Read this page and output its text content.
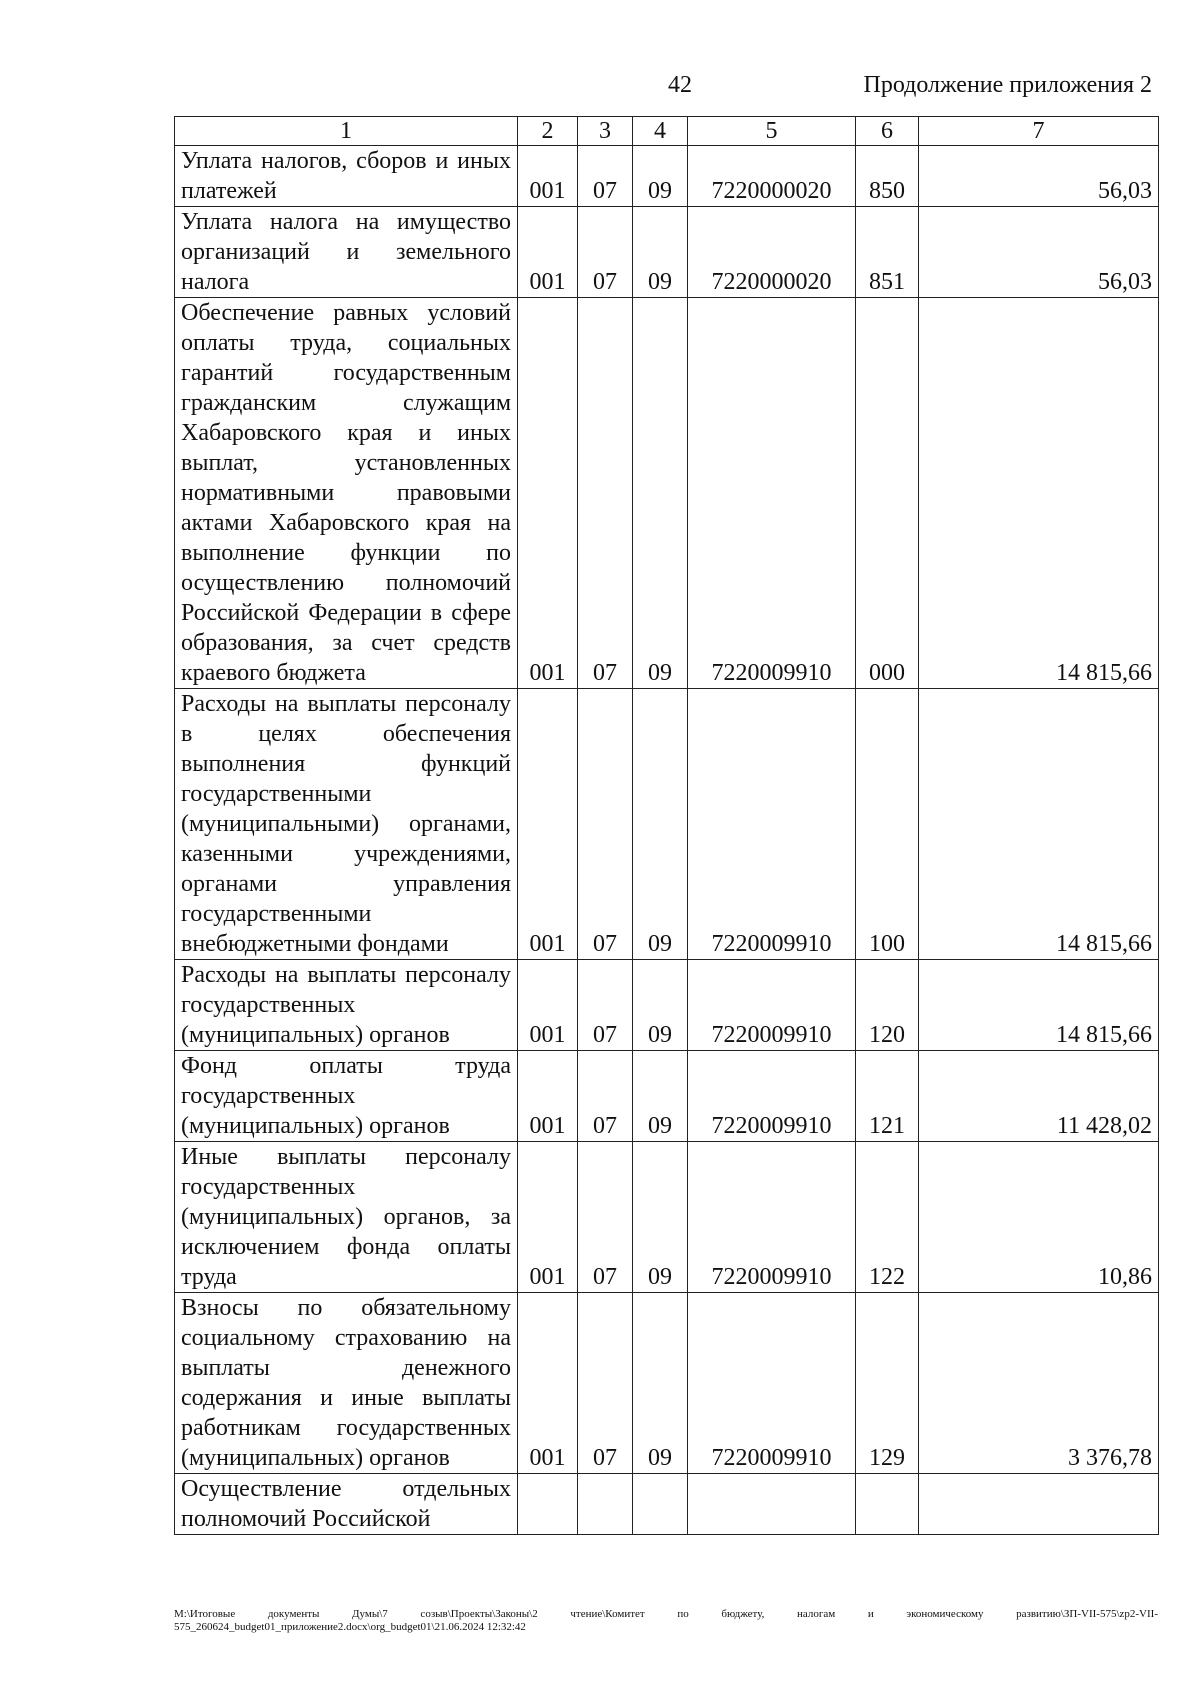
42	Продолжение приложения 2
1	2	3	4	5	6	7
Уплата налогов, сборов и иных платежей	001	07	09	7220000020	850	56,03
Уплата налога на имущество организаций и земельного налога	001	07	09	7220000020	851	56,03
Обеспечение равных условий оплаты труда, социальных гарантий государственным гражданским служащим Хабаровского края и иных выплат, установленных нормативными правовыми актами Хабаровского края на выполнение функции по осуществлению полномочий Российской Федерации в сфере образования, за счет средств краевого бюджета	001	07	09	7220009910	000	14 815,66
Расходы на выплаты персоналу в целях обеспечения выполнения функций государственными (муниципальными) органами, казенными учреждениями, органами управления государственными внебюджетными фондами	001	07	09	7220009910	100	14 815,66
Расходы на выплаты персоналу государственных (муниципальных) органов	001	07	09	7220009910	120	14 815,66
Фонд оплаты труда государственных (муниципальных) органов	001	07	09	7220009910	121	11 428,02
Иные выплаты персоналу государственных (муниципальных) органов, за исключением фонда оплаты труда	001	07	09	7220009910	122	10,86
Взносы по обязательному социальному страхованию на выплаты денежного содержания и иные выплаты работникам государственных (муниципальных) органов	001	07	09	7220009910	129	3 376,78
Осуществление отдельных полномочий Российской						
M:\Итоговые документы Думы\7 созыв\Проекты\Законы\2 чтение\Комитет по бюджету, налогам и экономическому развитию\ЗП-VII-575\zp2-VII-575_260624_budget01_приложение2.docx\org_budget01\21.06.2024 12:32:42
